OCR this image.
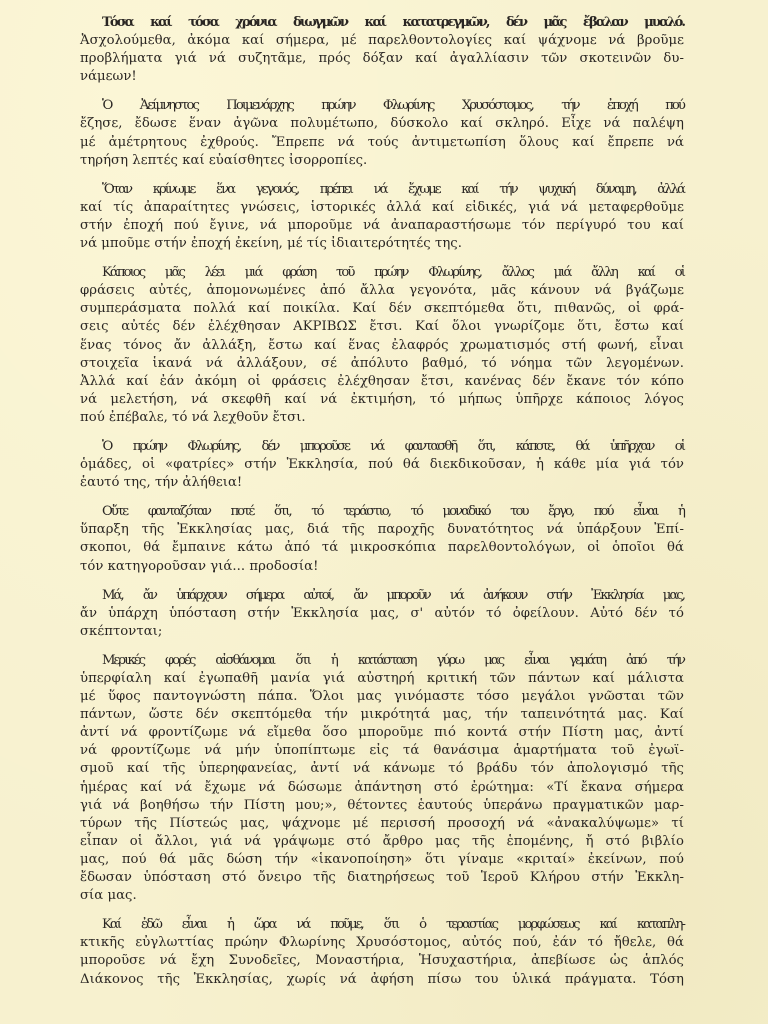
Τόσα καί τόσα χρόνια διωγμῶν καί κατατρεγμῶν, δέν μᾶς ἔβαλαν μυαλό.
Ἀσχολούμεθα, ἀκόμα καί σήμερα, μέ παρελθοντολογίες καί ψάχνομε νά βροῦμε
προβλήματα γιά νά συζητᾶμε, πρός δόξαν καί ἀγαλλίασιν τῶν σκοτεινῶν δυ-
νάμεων!
Ὁ Ἀείμνηστος Ποιμενάρχης πρώην Φλωρίνης Χρυσόστομος, τήν ἐποχή πού
ἔζησε, ἔδωσε ἕναν ἀγῶνα πολυμέτωπο, δύσκολο καί σκληρό. Εἶχε νά παλέψη
μέ ἀμέτρητους ἐχθρούς. Ἔπρεπε νά τούς ἀντιμετωπίση ὅλους καί ἔπρεπε νά
τηρήση λεπτές καί εὐαίσθητες ἰσορροπίες.
Ὅταν κρίνωμε ἕνα γεγονός, πρέπει νά ἔχωμε καί τήν ψυχική δύναμη, ἀλλά
καί τίς ἀπαραίτητες γνώσεις, ἱστορικές ἀλλά καί εἰδικές, γιά νά μεταφερθοῦμε
στήν ἐποχή πού ἔγινε, νά μποροῦμε νά ἀναπαραστήσωμε τόν περίγυρό του καί
νά μποῦμε στήν ἐποχή ἐκείνη, μέ τίς ἰδιαιτερότητές της.
Κάποιος μᾶς λέει μιά φράση τοῦ πρώην Φλωρίνης, ἄλλος μιά ἄλλη καί οἱ
φράσεις αὐτές, ἀπομονωμένες ἀπό ἄλλα γεγονότα, μᾶς κάνουν νά βγάζωμε
συμπεράσματα πολλά καί ποικίλα. Καί δέν σκεπτόμεθα ὅτι, πιθανῶς, οἱ φρά-
σεις αὐτές δέν ἐλέχθησαν ΑΚΡΙΒΩΣ ἔτσι. Καί ὅλοι γνωρίζομε ὅτι, ἔστω καί
ἕνας τόνος ἄν ἀλλάξη, ἔστω καί ἕνας ἐλαφρός χρωματισμός στή φωνή, εἶναι
στοιχεῖα ἱκανά νά ἀλλάξουν, σέ ἀπόλυτο βαθμό, τό νόημα τῶν λεγομένων.
Ἀλλά καί ἐάν ἀκόμη οἱ φράσεις ἐλέχθησαν ἔτσι, κανένας δέν ἔκανε τόν κόπο
νά μελετήση, νά σκεφθῆ καί νά ἐκτιμήση, τό μήπως ὑπῆρχε κάποιος λόγος
πού ἐπέβαλε, τό νά λεχθοῦν ἔτσι.
Ὁ πρώην Φλωρίνης, δέν μποροῦσε νά φαντασθῆ ὅτι, κάποτε, θά ὑπῆρχαν οἱ
ὁμάδες, οἱ «φατρίες» στήν Ἐκκλησία, πού θά διεκδικοῦσαν, ἡ κάθε μία γιά τόν
ἑαυτό της, τήν ἀλήθεια!
Οὔτε φανταζόταν ποτέ ὅτι, τό τεράστιο, τό μοναδικό του ἔργο, πού εἶναι ἡ
ὕπαρξη τῆς Ἐκκλησίας μας, διά τῆς παροχῆς δυνατότητος νά ὑπάρξουν Ἐπί-
σκοποι, θά ἔμπαινε κάτω ἀπό τά μικροσκόπια παρελθοντολόγων, οἱ ὁποῖοι θά
τόν κατηγοροῦσαν γιά... προδοσία!
Μά, ἄν ὑπάρχουν σήμερα αὐτοί, ἄν μποροῦν νά ἀνήκουν στήν Ἐκκλησία μας,
ἄν ὑπάρχη ὑπόσταση στήν Ἐκκλησία μας, σ' αὐτόν τό ὀφείλουν. Αὐτό δέν τό
σκέπτονται;
Μερικές φορές αἰσθάνομαι ὅτι ἡ κατάσταση γύρω μας εἶναι γεμάτη ἀπό τήν
ὑπερφίαλη καί ἐγωπαθῆ μανία γιά αὐστηρή κριτική τῶν πάντων καί μάλιστα
μέ ὕφος παντογνώστη πάπα. Ὅλοι μας γινόμαστε τόσο μεγάλοι γνῶσται τῶν
πάντων, ὥστε δέν σκεπτόμεθα τήν μικρότητά μας, τήν ταπεινότητά μας. Καί
ἀντί νά φροντίζωμε νά εἴμεθα ὅσο μποροῦμε πιό κοντά στήν Πίστη μας, ἀντί
νά φροντίζωμε νά μήν ὑποπίπτωμε εἰς τά θανάσιμα ἁμαρτήματα τοῦ ἐγωϊ-
σμοῦ καί τῆς ὑπερηφανείας, ἀντί νά κάνωμε τό βράδυ τόν ἀπολογισμό τῆς
ἡμέρας καί νά ἔχωμε νά δώσωμε ἀπάντηση στό ἐρώτημα: «Τί ἔκανα σήμερα
γιά νά βοηθήσω τήν Πίστη μου;», θέτοντες ἑαυτούς ὑπεράνω πραγματικῶν μαρ-
τύρων τῆς Πίστεώς μας, ψάχνομε μέ περισσή προσοχή νά «ἀνακαλύψωμε» τί
εἶπαν οἱ ἄλλοι, γιά νά γράψωμε στό ἄρθρο μας τῆς ἑπομένης, ἤ στό βιβλίο
μας, πού θά μᾶς δώση τήν «ἱκανοποίηση» ὅτι γίναμε «κριταί» ἐκείνων, πού
ἔδωσαν ὑπόσταση στό ὄνειρο τῆς διατηρήσεως τοῦ Ἱεροῦ Κλήρου στήν Ἐκκλη-
σία μας.
Καί ἐδῶ εἶναι ἡ ὥρα νά ποῦμε, ὅτι ὁ τεραστίας μορφώσεως καί καταπλη-
κτικῆς εὐγλωττίας πρώην Φλωρίνης Χρυσόστομος, αὐτός πού, ἐάν τό ἤθελε, θά
μποροῦσε νά ἔχη Συνοδεῖες, Μοναστήρια, Ἡσυχαστήρια, ἀπεβίωσε ὡς ἁπλός
Διάκονος τῆς Ἐκκλησίας, χωρίς νά ἀφήση πίσω του ὑλικά πράγματα. Τόση
